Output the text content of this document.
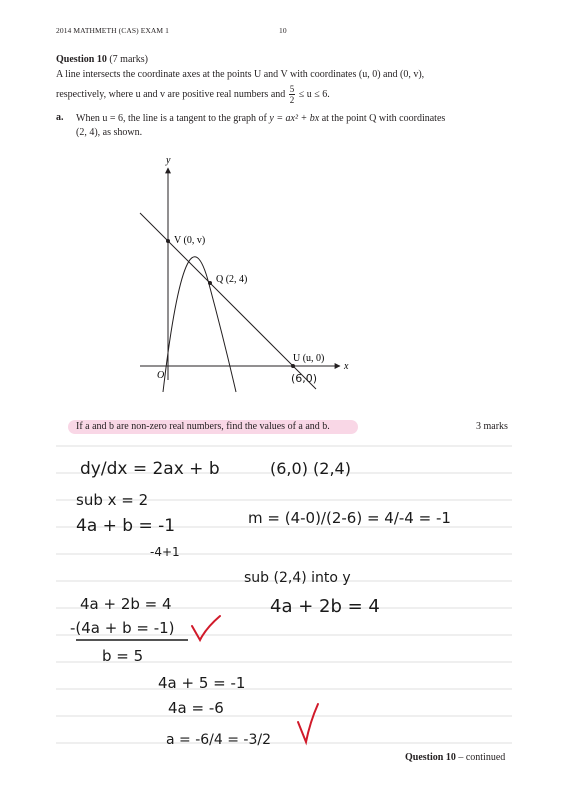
2014 MATHMETH (CAS) EXAM 1	10
Question 10 (7 marks)
A line intersects the coordinate axes at the points U and V with coordinates (u, 0) and (0, v),
respectively, where u and v are positive real numbers and $\frac{5}{2} \le u \le 6$.
a. When u = 6, the line is a tangent to the graph of y = ax² + bx at the point Q with coordinates
(2, 4), as shown.
y
x
O
V (0, v)
Q (2, 4)
U (u, 0)
(6,0)
dy/dx = 2ax + b	(6,0) (2,4)
sub x = 2
4a + b = -1	m = (4-0)/(2-6) = 4/-4 = -1
-4+1
sub (2,4) into y
4a + 2b = 4
4a + 2b = 4
-(4a + b = -1)
b = 5
4a + 5 = -1
4a = -6
a = -6/4 = -3/2
If a and b are non-zero real numbers, find the values of a and b.	3 marks
Question 10 – continued
